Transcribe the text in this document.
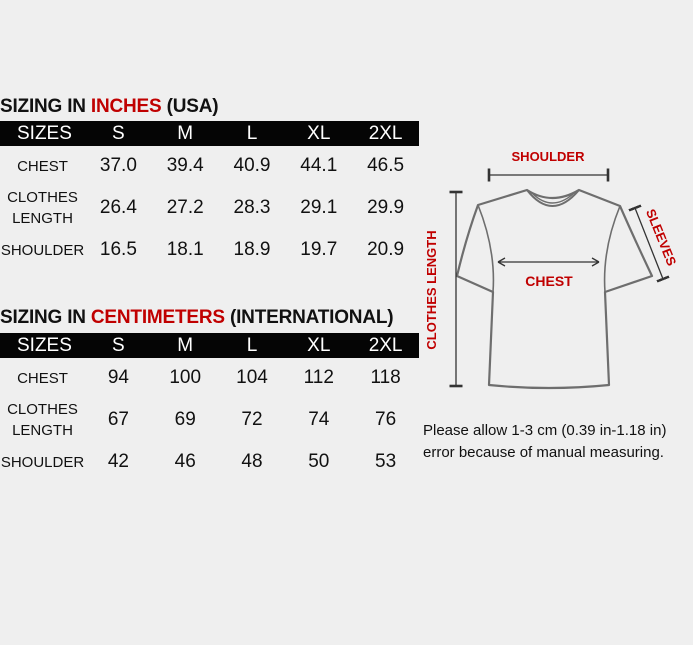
SIZING IN INCHES (USA)
SIZES	S	M	L	XL	2XL
CHEST	37.0	39.4	40.9	44.1	46.5
CLOTHES
LENGTH	26.4	27.2	28.3	29.1	29.9
SHOULDER	16.5	18.1	18.9	19.7	20.9
SIZING IN CENTIMETERS (INTERNATIONAL)
SIZES	S	M	L	XL	2XL
CHEST	94	100	104	112	118
CLOTHES
LENGTH	67	69	72	74	76
SHOULDER	42	46	48	50	53
SHOULDER
CHEST
CLOTHES LENGTH	SLEEVES
Please allow 1-3 cm (0.39 in-1.18 in)
error because of manual measuring.
